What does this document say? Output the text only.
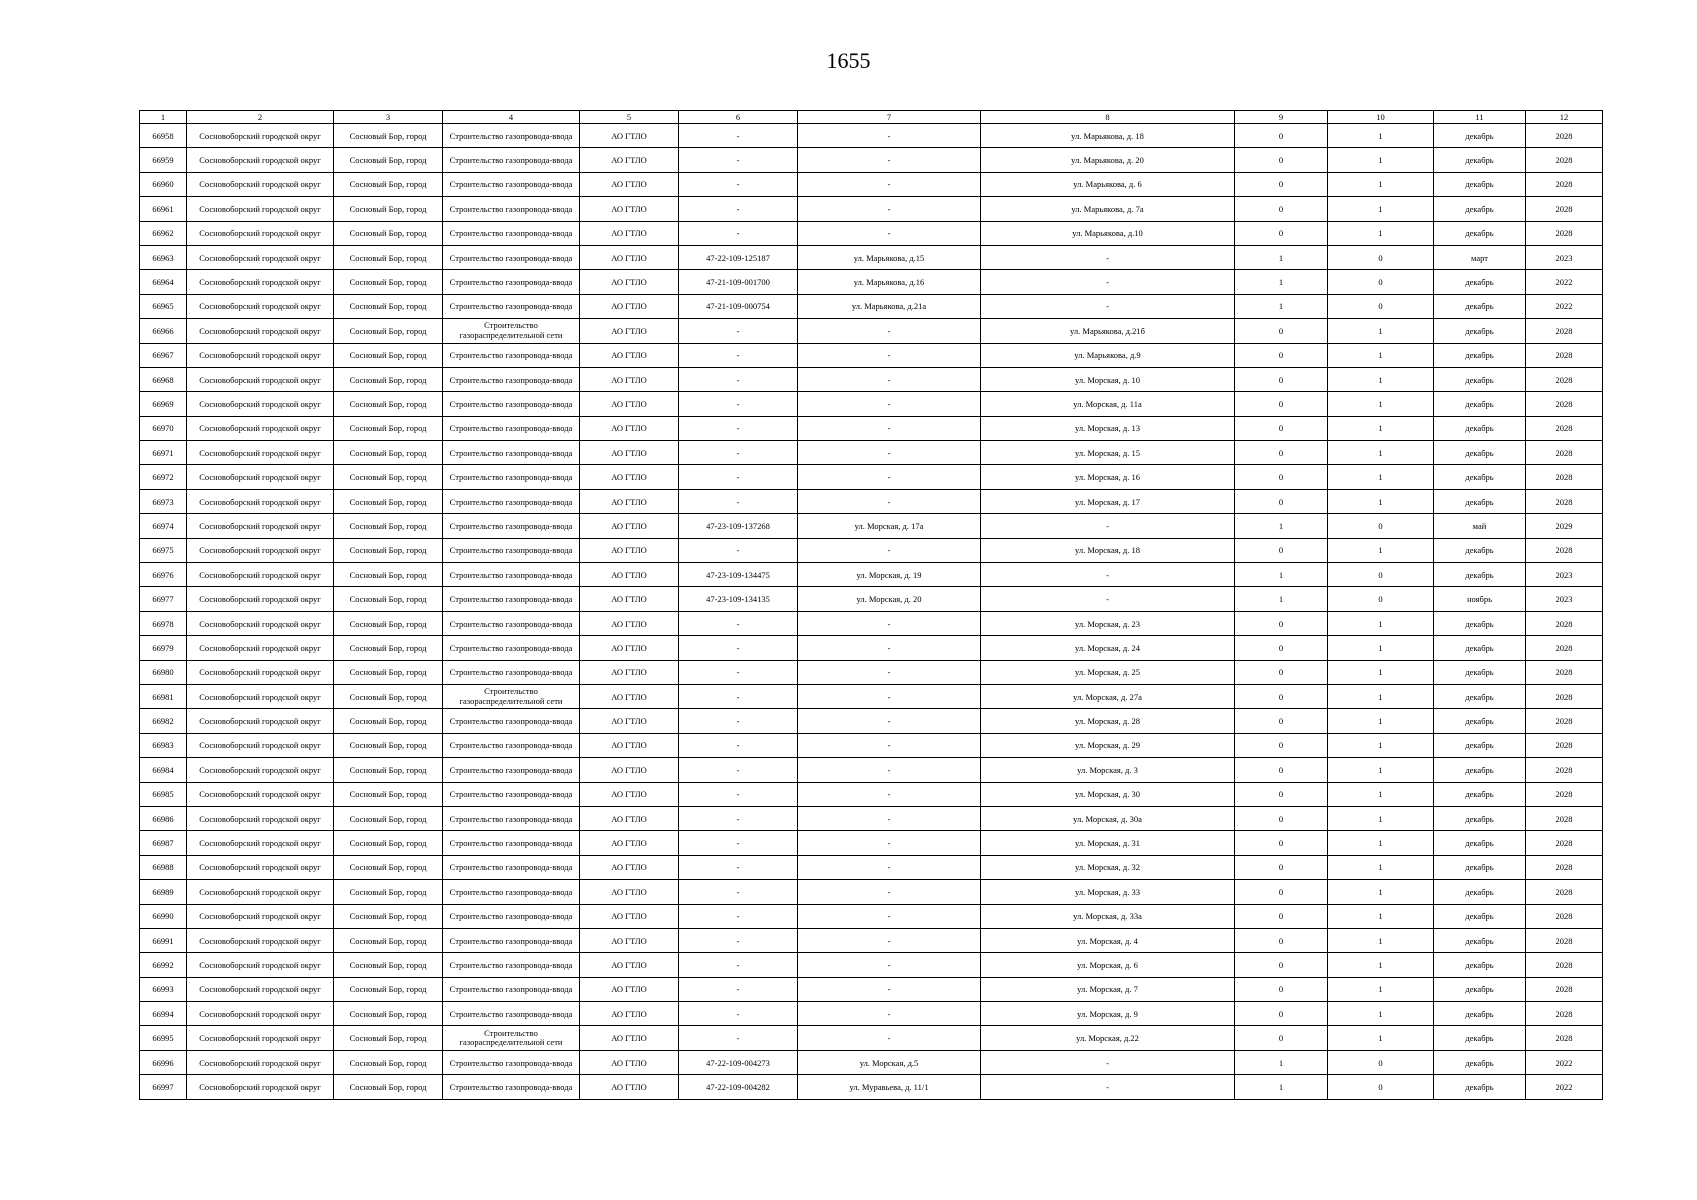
1655
1	2	3	4	5	6	7	8	9	10	11	12
66958	Сосновоборский городской округ	Сосновый Бор, город	Строительство газопровода-ввода	АО ГТЛО	-	-	ул. Марьякова, д. 18	0	1	декабрь	2028
66959	Сосновоборский городской округ	Сосновый Бор, город	Строительство газопровода-ввода	АО ГТЛО	-	-	ул. Марьякова, д. 20	0	1	декабрь	2028
66960	Сосновоборский городской округ	Сосновый Бор, город	Строительство газопровода-ввода	АО ГТЛО	-	-	ул. Марьякова, д. 6	0	1	декабрь	2028
66961	Сосновоборский городской округ	Сосновый Бор, город	Строительство газопровода-ввода	АО ГТЛО	-	-	ул. Марьякова, д. 7а	0	1	декабрь	2028
66962	Сосновоборский городской округ	Сосновый Бор, город	Строительство газопровода-ввода	АО ГТЛО	-	-	ул. Марьякова, д.10	0	1	декабрь	2028
66963	Сосновоборский городской округ	Сосновый Бор, город	Строительство газопровода-ввода	АО ГТЛО	47-22-109-125187	ул. Марьякова, д.15	-	1	0	март	2023
66964	Сосновоборский городской округ	Сосновый Бор, город	Строительство газопровода-ввода	АО ГТЛО	47-21-109-001700	ул. Марьякова, д.16	-	1	0	декабрь	2022
66965	Сосновоборский городской округ	Сосновый Бор, город	Строительство газопровода-ввода	АО ГТЛО	47-21-109-000754	ул. Марьякова, д.21а	-	1	0	декабрь	2022
66966	Сосновоборский городской округ	Сосновый Бор, город	Строительство газораспределительной сети	АО ГТЛО	-	-	ул. Марьякова, д.21б	0	1	декабрь	2028
66967	Сосновоборский городской округ	Сосновый Бор, город	Строительство газопровода-ввода	АО ГТЛО	-	-	ул. Марьякова, д.9	0	1	декабрь	2028
66968	Сосновоборский городской округ	Сосновый Бор, город	Строительство газопровода-ввода	АО ГТЛО	-	-	ул. Морская, д. 10	0	1	декабрь	2028
66969	Сосновоборский городской округ	Сосновый Бор, город	Строительство газопровода-ввода	АО ГТЛО	-	-	ул. Морская, д. 11а	0	1	декабрь	2028
66970	Сосновоборский городской округ	Сосновый Бор, город	Строительство газопровода-ввода	АО ГТЛО	-	-	ул. Морская, д. 13	0	1	декабрь	2028
66971	Сосновоборский городской округ	Сосновый Бор, город	Строительство газопровода-ввода	АО ГТЛО	-	-	ул. Морская, д. 15	0	1	декабрь	2028
66972	Сосновоборский городской округ	Сосновый Бор, город	Строительство газопровода-ввода	АО ГТЛО	-	-	ул. Морская, д. 16	0	1	декабрь	2028
66973	Сосновоборский городской округ	Сосновый Бор, город	Строительство газопровода-ввода	АО ГТЛО	-	-	ул. Морская, д. 17	0	1	декабрь	2028
66974	Сосновоборский городской округ	Сосновый Бор, город	Строительство газопровода-ввода	АО ГТЛО	47-23-109-137268	ул. Морская, д. 17а	-	1	0	май	2029
66975	Сосновоборский городской округ	Сосновый Бор, город	Строительство газопровода-ввода	АО ГТЛО	-	-	ул. Морская, д. 18	0	1	декабрь	2028
66976	Сосновоборский городской округ	Сосновый Бор, город	Строительство газопровода-ввода	АО ГТЛО	47-23-109-134475	ул. Морская, д. 19	-	1	0	декабрь	2023
66977	Сосновоборский городской округ	Сосновый Бор, город	Строительство газопровода-ввода	АО ГТЛО	47-23-109-134135	ул. Морская, д. 20	-	1	0	ноябрь	2023
66978	Сосновоборский городской округ	Сосновый Бор, город	Строительство газопровода-ввода	АО ГТЛО	-	-	ул. Морская, д. 23	0	1	декабрь	2028
66979	Сосновоборский городской округ	Сосновый Бор, город	Строительство газопровода-ввода	АО ГТЛО	-	-	ул. Морская, д. 24	0	1	декабрь	2028
66980	Сосновоборский городской округ	Сосновый Бор, город	Строительство газопровода-ввода	АО ГТЛО	-	-	ул. Морская, д. 25	0	1	декабрь	2028
66981	Сосновоборский городской округ	Сосновый Бор, город	Строительство газораспределительной сети	АО ГТЛО	-	-	ул. Морская, д. 27а	0	1	декабрь	2028
66982	Сосновоборский городской округ	Сосновый Бор, город	Строительство газопровода-ввода	АО ГТЛО	-	-	ул. Морская, д. 28	0	1	декабрь	2028
66983	Сосновоборский городской округ	Сосновый Бор, город	Строительство газопровода-ввода	АО ГТЛО	-	-	ул. Морская, д. 29	0	1	декабрь	2028
66984	Сосновоборский городской округ	Сосновый Бор, город	Строительство газопровода-ввода	АО ГТЛО	-	-	ул. Морская, д. 3	0	1	декабрь	2028
66985	Сосновоборский городской округ	Сосновый Бор, город	Строительство газопровода-ввода	АО ГТЛО	-	-	ул. Морская, д. 30	0	1	декабрь	2028
66986	Сосновоборский городской округ	Сосновый Бор, город	Строительство газопровода-ввода	АО ГТЛО	-	-	ул. Морская, д. 30а	0	1	декабрь	2028
66987	Сосновоборский городской округ	Сосновый Бор, город	Строительство газопровода-ввода	АО ГТЛО	-	-	ул. Морская, д. 31	0	1	декабрь	2028
66988	Сосновоборский городской округ	Сосновый Бор, город	Строительство газопровода-ввода	АО ГТЛО	-	-	ул. Морская, д. 32	0	1	декабрь	2028
66989	Сосновоборский городской округ	Сосновый Бор, город	Строительство газопровода-ввода	АО ГТЛО	-	-	ул. Морская, д. 33	0	1	декабрь	2028
66990	Сосновоборский городской округ	Сосновый Бор, город	Строительство газопровода-ввода	АО ГТЛО	-	-	ул. Морская, д. 33а	0	1	декабрь	2028
66991	Сосновоборский городской округ	Сосновый Бор, город	Строительство газопровода-ввода	АО ГТЛО	-	-	ул. Морская, д. 4	0	1	декабрь	2028
66992	Сосновоборский городской округ	Сосновый Бор, город	Строительство газопровода-ввода	АО ГТЛО	-	-	ул. Морская, д. 6	0	1	декабрь	2028
66993	Сосновоборский городской округ	Сосновый Бор, город	Строительство газопровода-ввода	АО ГТЛО	-	-	ул. Морская, д. 7	0	1	декабрь	2028
66994	Сосновоборский городской округ	Сосновый Бор, город	Строительство газопровода-ввода	АО ГТЛО	-	-	ул. Морская, д. 9	0	1	декабрь	2028
66995	Сосновоборский городской округ	Сосновый Бор, город	Строительство газораспределительной сети	АО ГТЛО	-	-	ул. Морская, д.22	0	1	декабрь	2028
66996	Сосновоборский городской округ	Сосновый Бор, город	Строительство газопровода-ввода	АО ГТЛО	47-22-109-004273	ул. Морская, д.5	-	1	0	декабрь	2022
66997	Сосновоборский городской округ	Сосновый Бор, город	Строительство газопровода-ввода	АО ГТЛО	47-22-109-004282	ул. Муравьева, д. 11/1	-	1	0	декабрь	2022
